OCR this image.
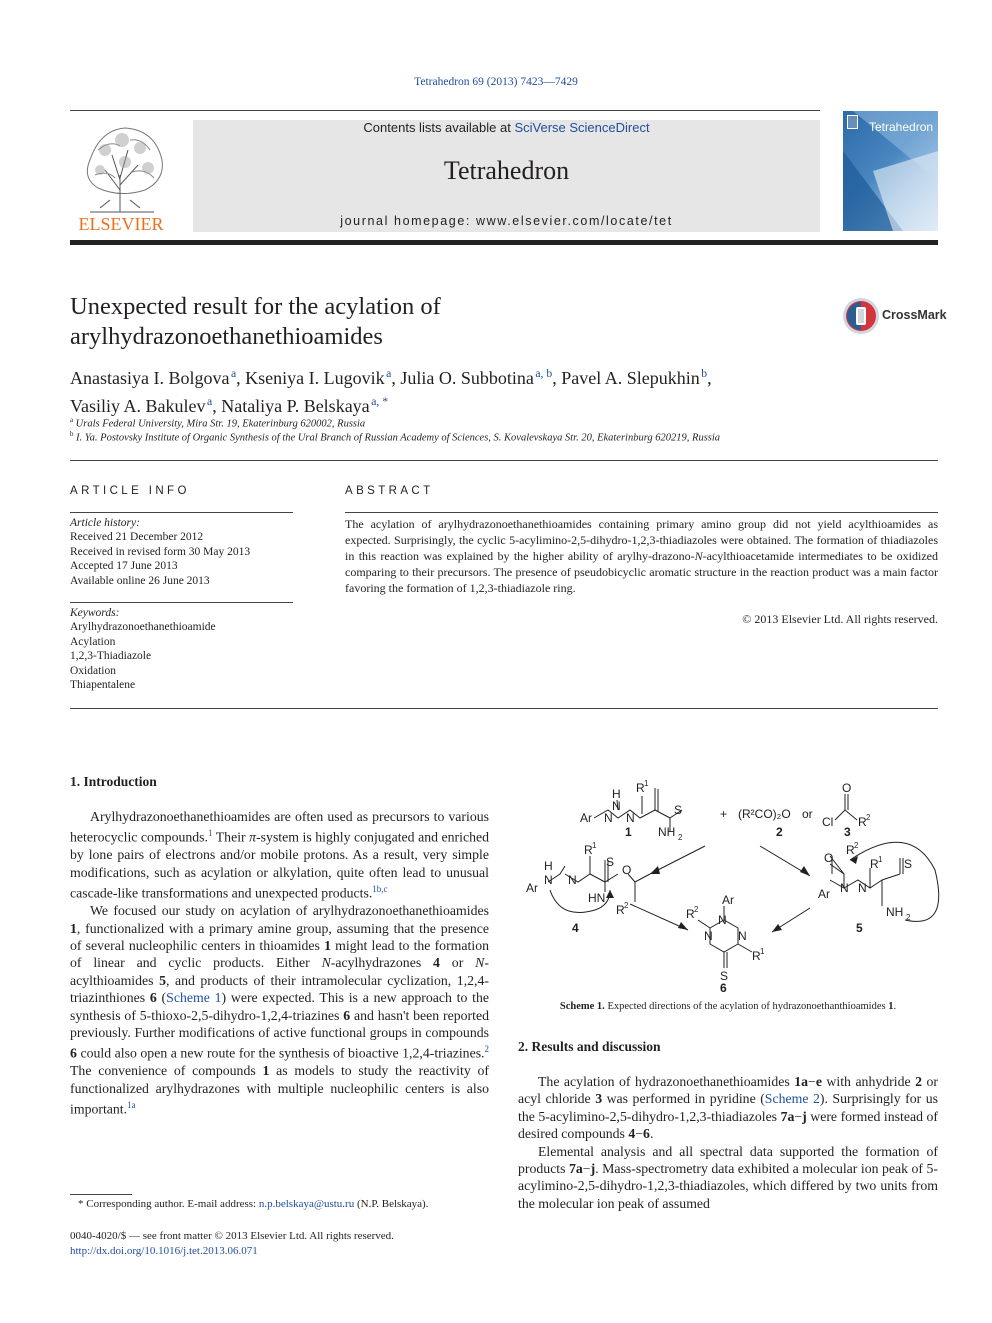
Tetrahedron 69 (2013) 7423—7429
ELSEVIER
Contents lists available at SciVerse ScienceDirect
Tetrahedron
journal homepage: www.elsevier.com/locate/tet
Tetrahedron
Unexpected result for the acylation of
arylhydrazonoethanethioamides
CrossMark
Anastasiya I. Bolgova  $^a$, Kseniya I. Lugovik  $^a$, Julia O. Subbotina  $^{a, b}$, Pavel A. Slepukhin  $^b$,
Vasiliy A. Bakulev  $^a$, Nataliya P. Belskaya  $^{a, *}$
$^a$ Urals Federal University, Mira Str. 19, Ekaterinburg 620002, Russia
$^b$ I. Ya. Postovsky Institute of Organic Synthesis of the Ural Branch of Russian Academy of Sciences, S. Kovalevskaya Str. 20, Ekaterinburg 620219, Russia
ARTICLE INFO	ABSTRACT
Article history:
Received 21 December 2012
Received in revised form 30 May 2013
Accepted 17 June 2013
Available online 26 June 2013
Keywords:
Arylhydrazonoethanethioamide
Acylation
1,2,3-Thiadiazole
Oxidation
Thiapentalene
The acylation of arylhydrazonoethanethioamides containing primary amino group did not yield acylthioamides as expected. Surprisingly, the cyclic 5-acylimino-2,5-dihydro-1,2,3-thiadiazoles were obtained. The formation of thiadiazoles in this reaction was explained by the higher ability of arylhy-drazono-N-acylthioacetamide intermediates to be oxidized comparing to their precursors. The presence of pseudobicyclic aromatic structure in the reaction product was a main factor favoring the formation of 1,2,3-thiadiazole ring.
© 2013 Elsevier Ltd. All rights reserved.
1. Introduction

Arylhydrazonoethanethioamides are often used as precursors to various heterocyclic compounds.$^1$ Their π-system is highly conjugated and enriched by lone pairs of electrons and/or mobile protons. As a result, very simple modifications, such as acylation or alkylation, quite often lead to unusual cascade-like transformations and unexpected products.$^{1b,c}$

We focused our study on acylation of arylhydrazonoethanethioamides 1, functionalized with a primary amine group, assuming that the presence of several nucleophilic centers in thioamides 1 might lead to the formation of linear and cyclic products. Either N-acylhydrazones 4 or N-acylthioamides 5, and products of their intramolecular cyclization, 1,2,4-triazinthiones 6 (Scheme 1) were expected. This is a new approach to the synthesis of 5-thioxo-2,5-dihydro-1,2,4-triazines 6 and hasn't been reported previously. Further modifications of active functional groups in compounds 6 could also open a new route for the synthesis of bioactive 1,2,4-triazines.$^2$ The convenience of compounds 1 as models to study the reactivity of functionalized arylhydrazones with multiple nucleophilic centers is also important.$^{1a}$

Ar N
H
N
N
R 1
S
NH 2
1
+ (R²CO)₂O or
Cl
O
R 2
2	3
Ar
H
N N
R 1
S
HN
O
R 2
4
O
R 2
Ar N N
R 1 S
NH 2
5
Ar
N
N N
R 2
R 1
S
6
Scheme 1. Expected directions of the acylation of hydrazonoethanthioamides 1.
2. Results and discussion

The acylation of hydrazonoethanethioamides 1a−e with anhydride 2 or acyl chloride 3 was performed in pyridine (Scheme 2). Surprisingly for us the 5-acylimino-2,5-dihydro-1,2,3-thiadiazoles 7a−j were formed instead of desired compounds 4−6.

Elemental analysis and all spectral data supported the formation of products 7a−j. Mass-spectrometry data exhibited a molecular ion peak of 5-acylimino-2,5-dihydro-1,2,3-thiadiazoles, which differed by two units from the molecular ion peak of assumed

* Corresponding author. E-mail address: n.p.belskaya@ustu.ru (N.P. Belskaya).
0040-4020/$ — see front matter © 2013 Elsevier Ltd. All rights reserved.
http://dx.doi.org/10.1016/j.tet.2013.06.071
